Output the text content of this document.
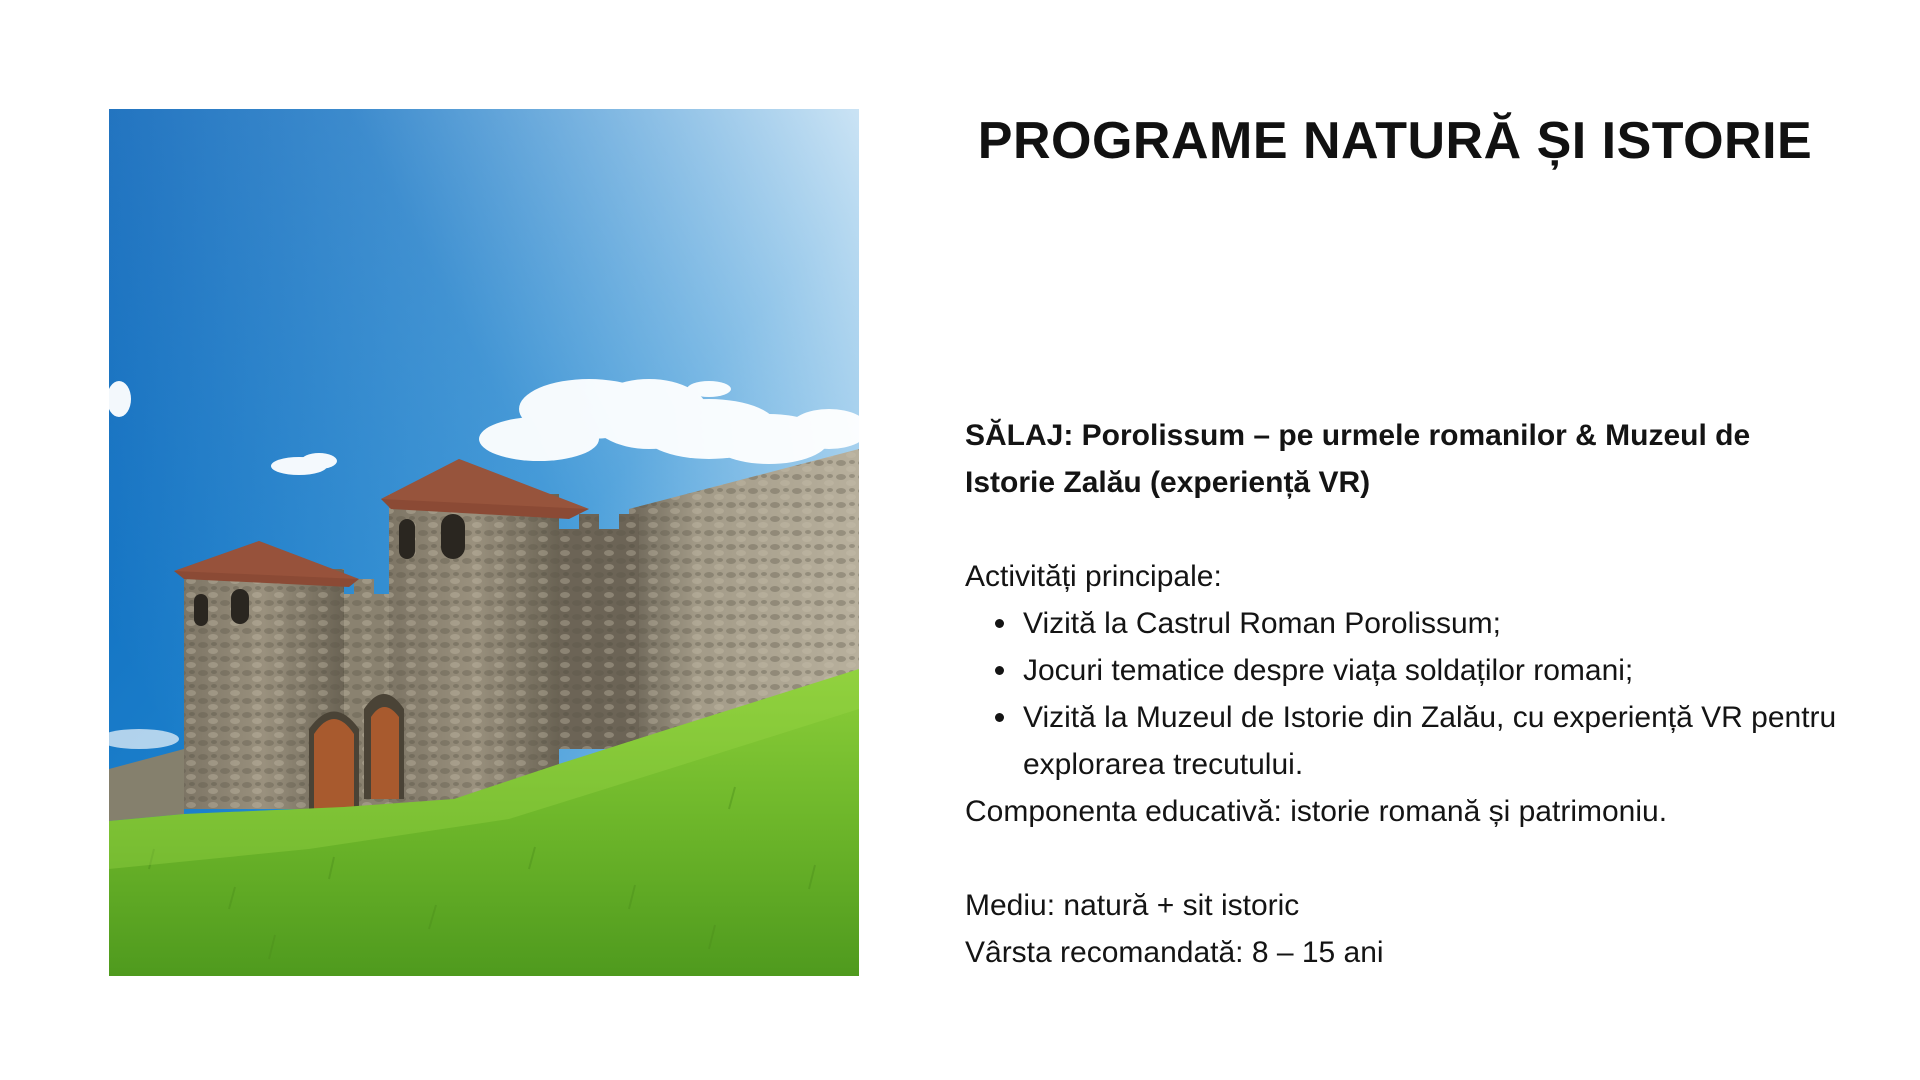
PROGRAME NATURĂ ȘI ISTORIE

SĂLAJ: Porolissum – pe urmele romanilor & Muzeul de Istorie Zalău (experiență VR)

Activități principale:

Vizită la Castrul Roman Porolissum;
Jocuri tematice despre viața soldaților romani;
Vizită la Muzeul de Istorie din Zalău, cu experiență VR pentru explorarea trecutului.

Componenta educativă: istorie romană și patrimoniu.

Mediu: natură + sit istoric

Vârsta recomandată: 8 – 15 ani
